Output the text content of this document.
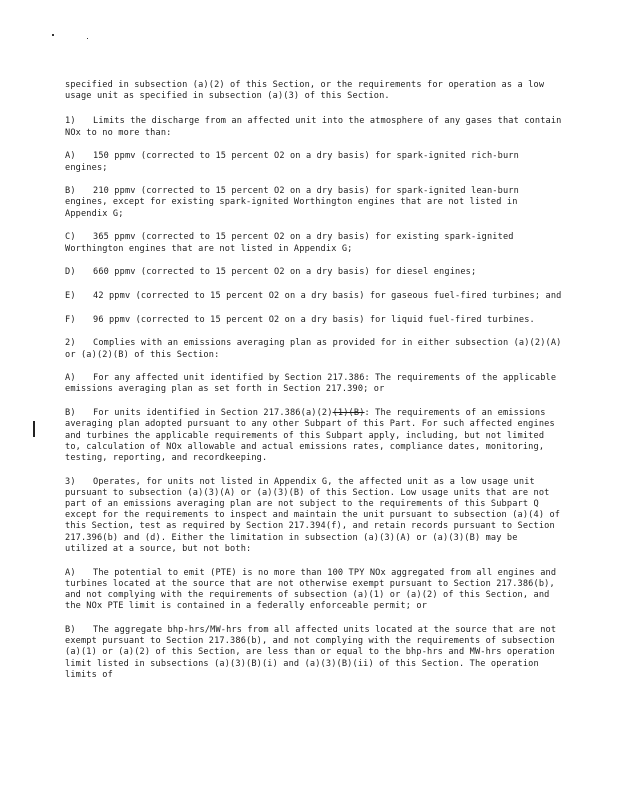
specified in subsection (a)(2) of this Section, or the requirements for operation as a low usage unit as specified in subsection (a)(3) of this Section.

1) Limits the discharge from an affected unit into the atmosphere of any gases that contain NOx to no more than:

A) 150 ppmv (corrected to 15 percent O2 on a dry basis) for spark-ignited rich-burn engines;

B) 210 ppmv (corrected to 15 percent O2 on a dry basis) for spark-ignited lean-burn engines, except for existing spark-ignited Worthington engines that are not listed in Appendix G;

C) 365 ppmv (corrected to 15 percent O2 on a dry basis) for existing spark-ignited Worthington engines that are not listed in Appendix G;

D) 660 ppmv (corrected to 15 percent O2 on a dry basis) for diesel engines;

E) 42 ppmv (corrected to 15 percent O2 on a dry basis) for gaseous fuel-fired turbines; and

F) 96 ppmv (corrected to 15 percent O2 on a dry basis) for liquid fuel-fired turbines.

2) Complies with an emissions averaging plan as provided for in either subsection (a)(2)(A) or (a)(2)(B) of this Section:

A) For any affected unit identified by Section 217.386: The requirements of the applicable emissions averaging plan as set forth in Section 217.390; or

B) For units identified in Section 217.386(a)(2)(1)(B): The requirements of an emissions averaging plan adopted pursuant to any other Subpart of this Part. For such affected engines and turbines the applicable requirements of this Subpart apply, including, but not limited to, calculation of NOx allowable and actual emissions rates, compliance dates, monitoring, testing, reporting, and recordkeeping.

3) Operates, for units not listed in Appendix G, the affected unit as a low usage unit pursuant to subsection (a)(3)(A) or (a)(3)(B) of this Section. Low usage units that are not part of an emissions averaging plan are not subject to the requirements of this Subpart Q except for the requirements to inspect and maintain the unit pursuant to subsection (a)(4) of this Section, test as required by Section 217.394(f), and retain records pursuant to Section 217.396(b) and (d). Either the limitation in subsection (a)(3)(A) or (a)(3)(B) may be utilized at a source, but not both:

A) The potential to emit (PTE) is no more than 100 TPY NOx aggregated from all engines and turbines located at the source that are not otherwise exempt pursuant to Section 217.386(b), and not complying with the requirements of subsection (a)(1) or (a)(2) of this Section, and the NOx PTE limit is contained in a federally enforceable permit; or

B) The aggregate bhp-hrs/MW-hrs from all affected units located at the source that are not exempt pursuant to Section 217.386(b), and not complying with the requirements of subsection (a)(1) or (a)(2) of this Section, are less than or equal to the bhp-hrs and MW-hrs operation limit listed in subsections (a)(3)(B)(i) and (a)(3)(B)(ii) of this Section. The operation limits of
